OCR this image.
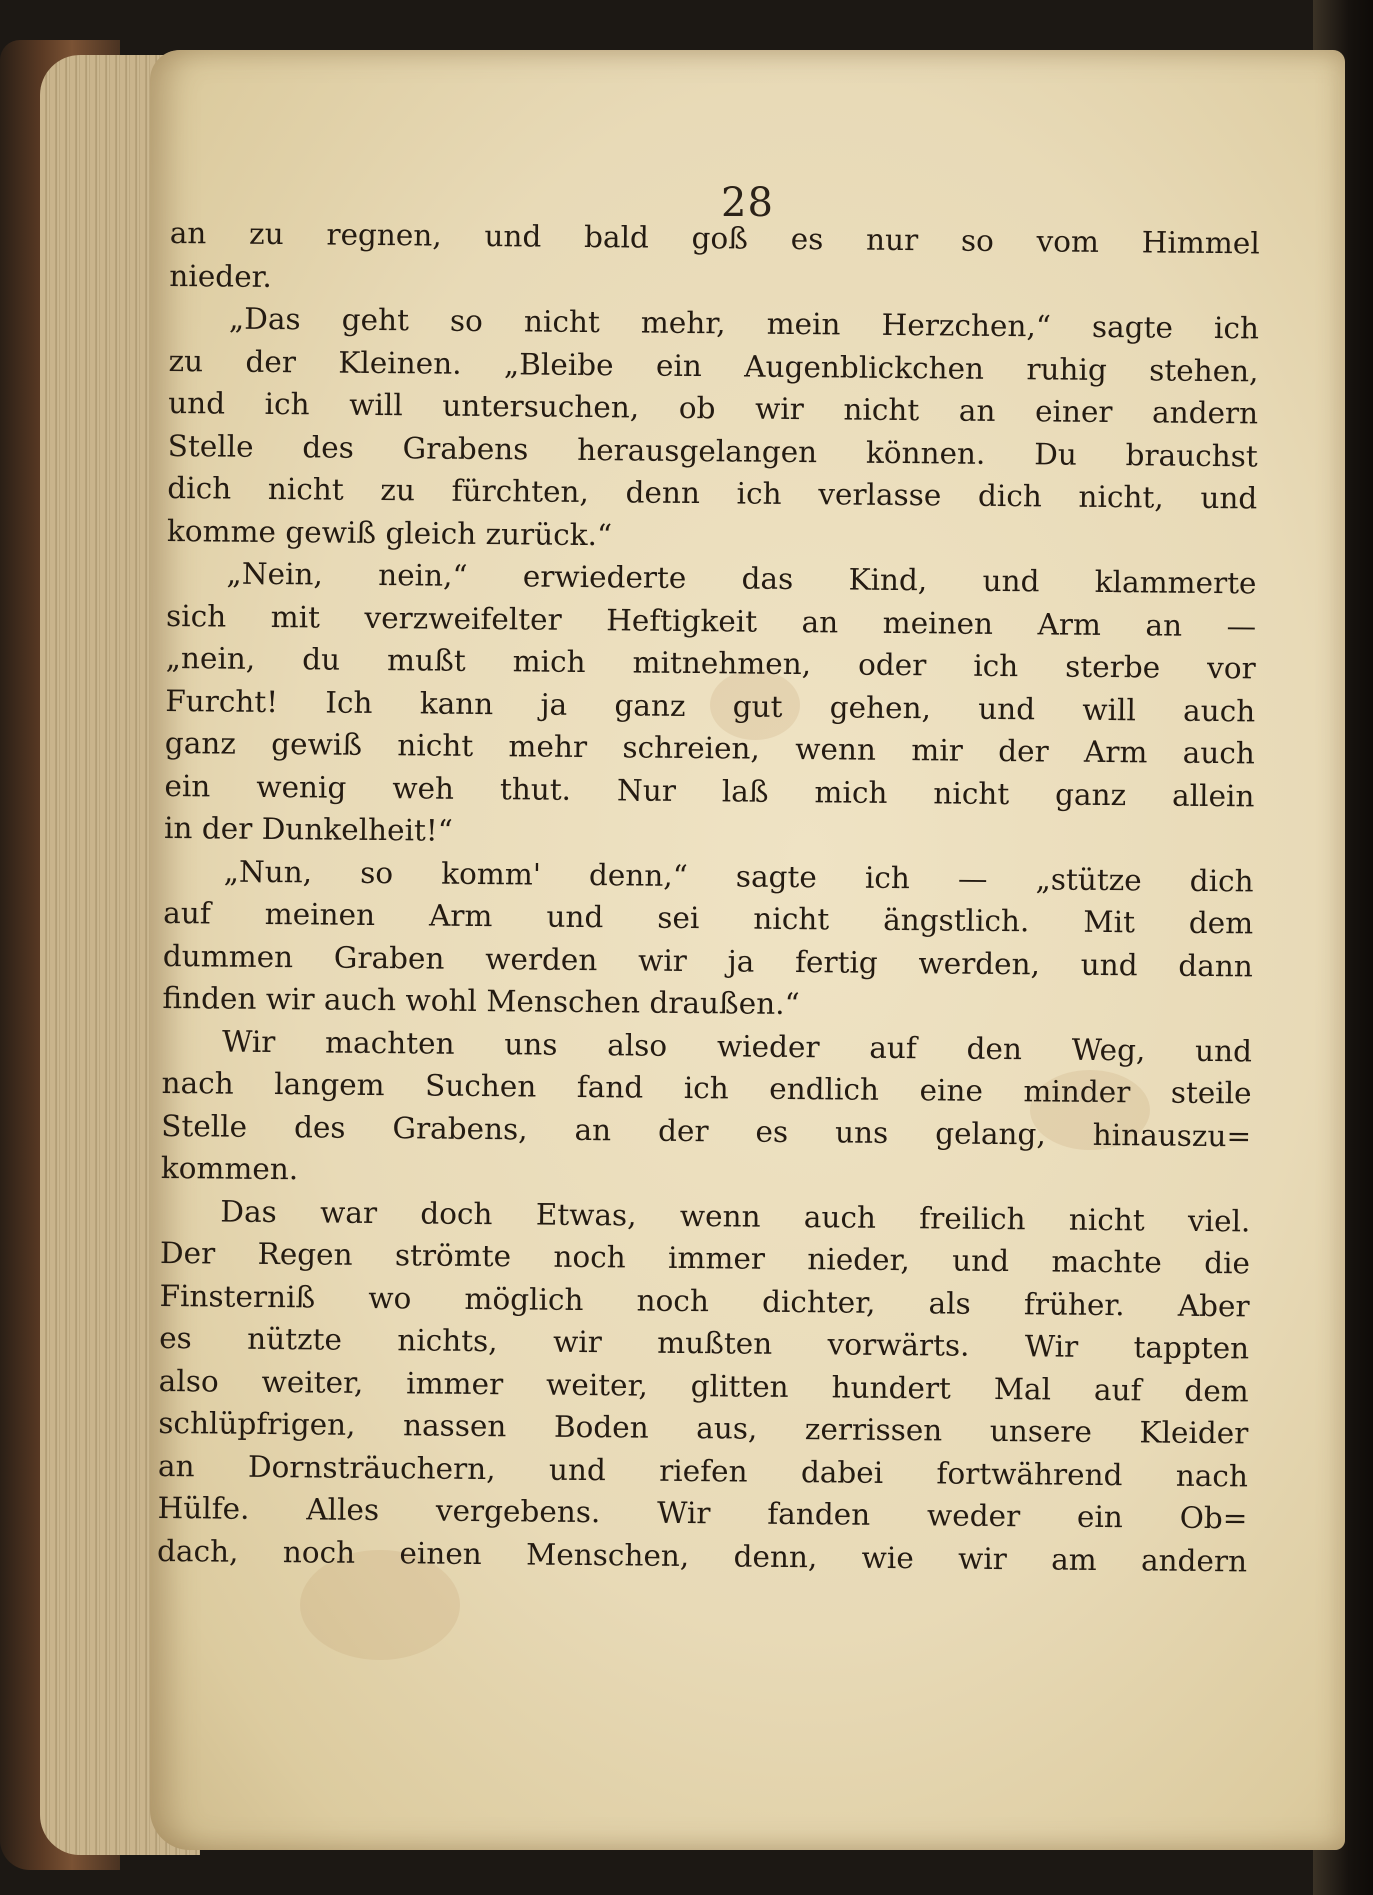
28
an zu regnen, und bald goß es nur so vom Himmel
nieder.
„Das geht so nicht mehr, mein Herzchen,“ sagte ich
zu der Kleinen. „Bleibe ein Augenblickchen ruhig stehen,
und ich will untersuchen, ob wir nicht an einer andern
Stelle des Grabens herausgelangen können. Du brauchst
dich nicht zu fürchten, denn ich verlasse dich nicht, und
komme gewiß gleich zurück.“
„Nein, nein,“ erwiederte das Kind, und klammerte
sich mit verzweifelter Heftigkeit an meinen Arm an —
„nein, du mußt mich mitnehmen, oder ich sterbe vor
Furcht! Ich kann ja ganz gut gehen, und will auch
ganz gewiß nicht mehr schreien, wenn mir der Arm auch
ein wenig weh thut. Nur laß mich nicht ganz allein
in der Dunkelheit!“
„Nun, so komm' denn,“ sagte ich — „stütze dich
auf meinen Arm und sei nicht ängstlich. Mit dem
dummen Graben werden wir ja fertig werden, und dann
finden wir auch wohl Menschen draußen.“
Wir machten uns also wieder auf den Weg, und
nach langem Suchen fand ich endlich eine minder steile
Stelle des Grabens, an der es uns gelang, hinauszu=
kommen.
Das war doch Etwas, wenn auch freilich nicht viel.
Der Regen strömte noch immer nieder, und machte die
Finsterniß wo möglich noch dichter, als früher. Aber
es nützte nichts, wir mußten vorwärts. Wir tappten
also weiter, immer weiter, glitten hundert Mal auf dem
schlüpfrigen, nassen Boden aus, zerrissen unsere Kleider
an Dornsträuchern, und riefen dabei fortwährend nach
Hülfe. Alles vergebens. Wir fanden weder ein Ob=
dach, noch einen Menschen, denn, wie wir am andern
